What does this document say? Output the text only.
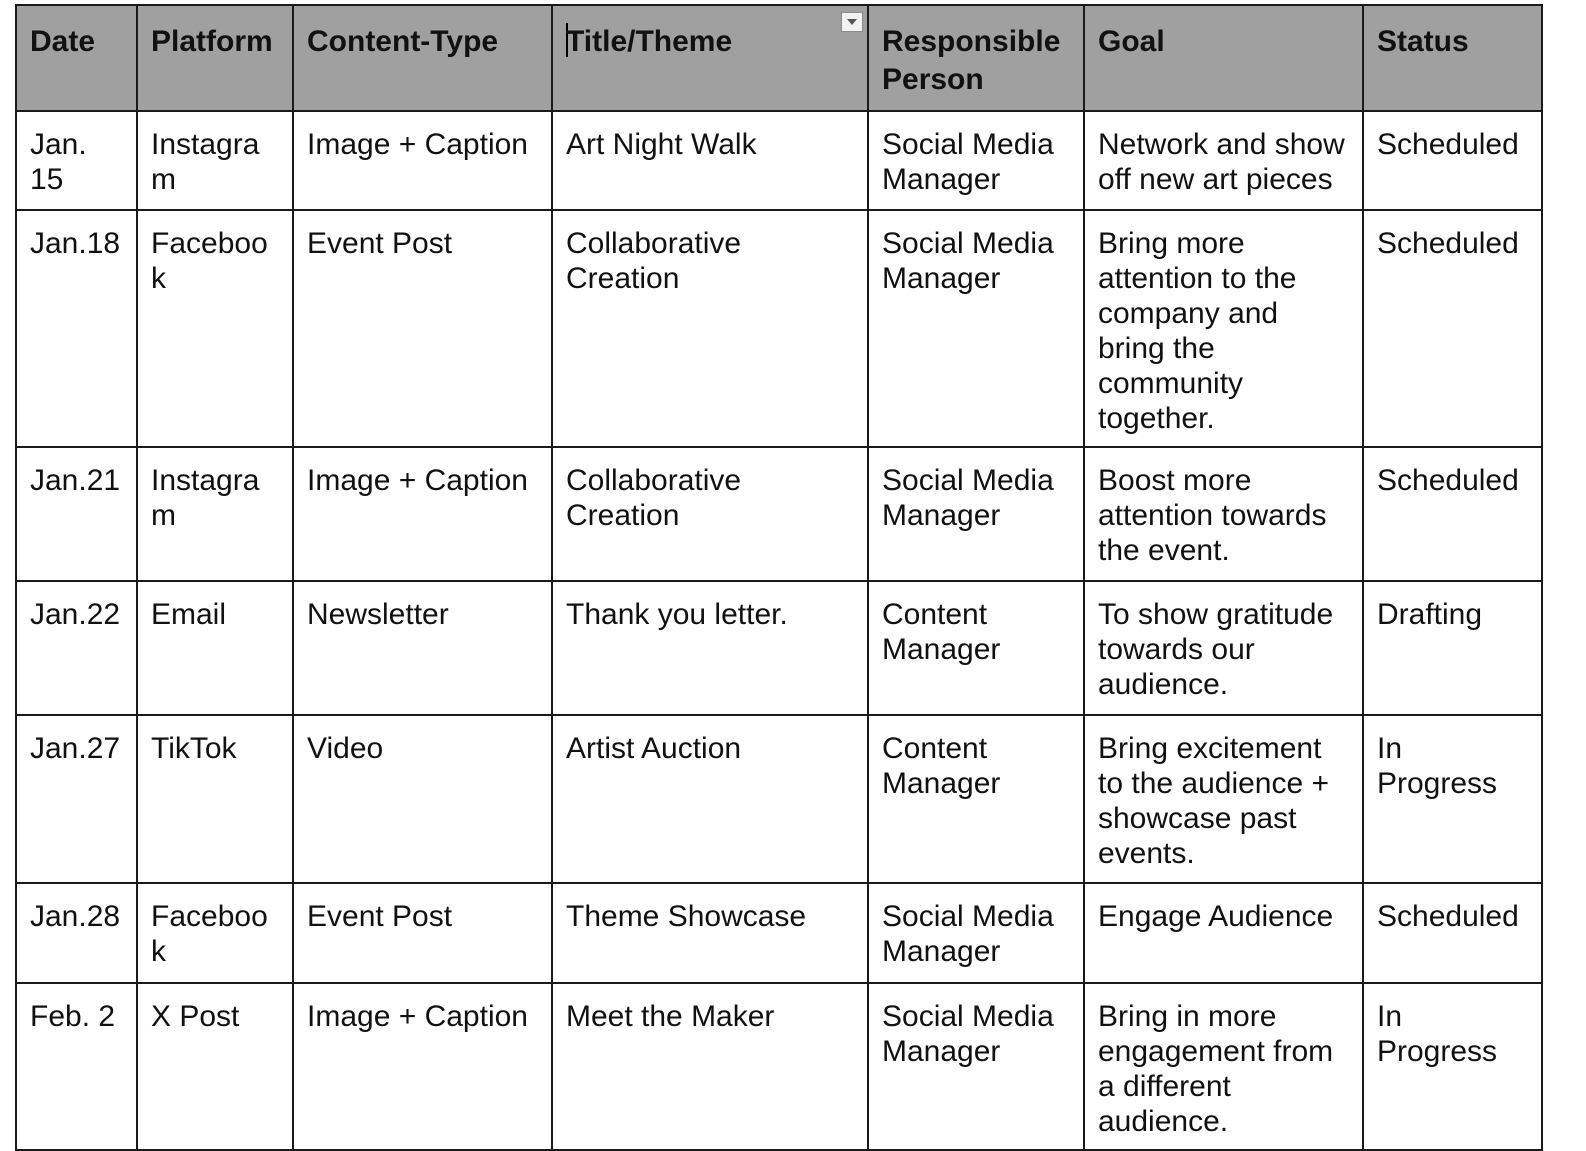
Date	Platform	Content-Type	Title/Theme	Responsible Person	Goal	Status
Jan. 15	Instagram	Image + Caption	Art Night Walk	Social Media Manager	Network and show off new art pieces	Scheduled
Jan.18	Facebook	Event Post	Collaborative Creation	Social Media Manager	Bring more attention to the company and bring the community together.	Scheduled
Jan.21	Instagram	Image + Caption	Collaborative Creation	Social Media Manager	Boost more attention towards the event.	Scheduled
Jan.22	Email	Newsletter	Thank you letter.	Content Manager	To show gratitude towards our audience.	Drafting
Jan.27	TikTok	Video	Artist Auction	Content Manager	Bring excitement to the audience + showcase past events.	In Progress
Jan.28	Facebook	Event Post	Theme Showcase	Social Media Manager	Engage Audience	Scheduled
Feb. 2	X Post	Image + Caption	Meet the Maker	Social Media Manager	Bring in more engagement from a different audience.	In Progress
